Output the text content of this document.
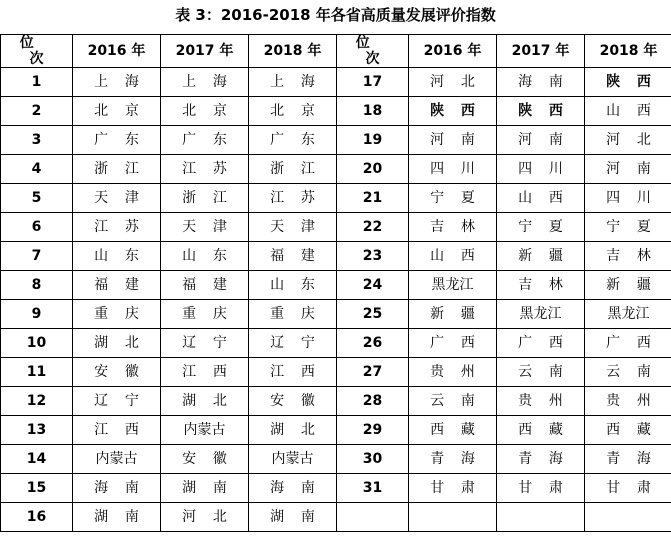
表 3：2016-2018 年各省高质量发展评价指数
位 次	2016 年	2017 年	2018 年	位 次	2016 年	2017 年	2018 年
1	上海	上海	上海	17	河北	海南	陕西
2	北京	北京	北京	18	陕西	陕西	山西
3	广东	广东	广东	19	河南	河南	河北
4	浙江	江苏	浙江	20	四川	四川	河南
5	天津	浙江	江苏	21	宁夏	山西	四川
6	江苏	天津	天津	22	吉林	宁夏	宁夏
7	山东	山东	福建	23	山西	新疆	吉林
8	福建	福建	山东	24	黑龙江	吉林	新疆
9	重庆	重庆	重庆	25	新疆	黑龙江	黑龙江
10	湖北	辽宁	辽宁	26	广西	广西	广西
11	安徽	江西	江西	27	贵州	云南	云南
12	辽宁	湖北	安徽	28	云南	贵州	贵州
13	江西	内蒙古	湖北	29	西藏	西藏	西藏
14	内蒙古	安徽	内蒙古	30	青海	青海	青海
15	海南	湖南	海南	31	甘肃	甘肃	甘肃
16	湖南	河北	湖南				
